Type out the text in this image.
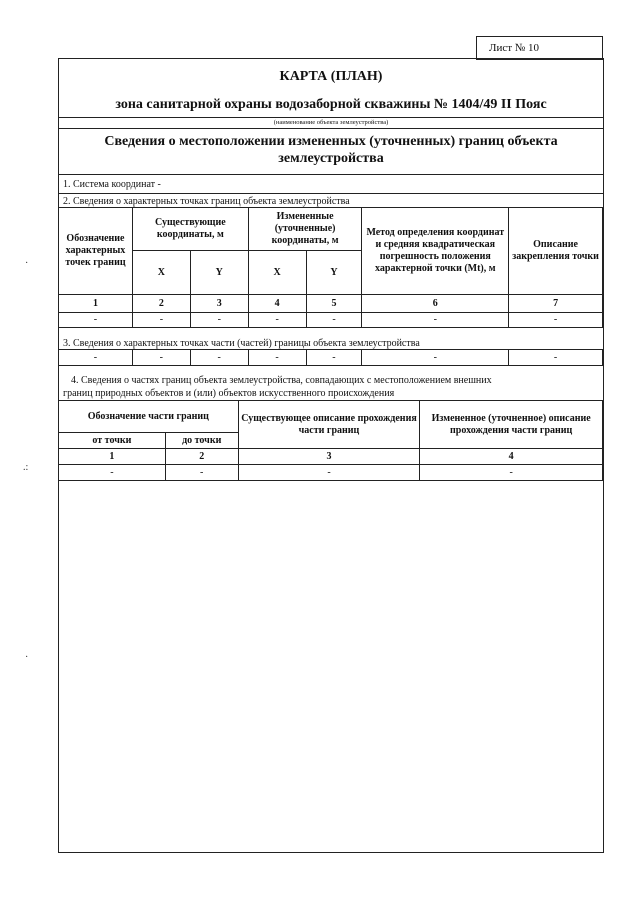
Лист № 10
КАРТА (ПЛАН)
зона санитарной охраны водозаборной скважины № 1404/49 II Пояс
(наименование объекта землеустройства)
Сведения о местоположении измененных (уточненных) границ объекта
землеустройства
1. Система координат -
2. Сведения о характерных точках границ объекта землеустройства
Обозначение характерных точек границ	Существующие координаты, м		Измененные (уточненные) координаты, м		Метод определения координат и средняя квадратическая погрешность положения характерной точки (Mt), м	Описание закрепления точки
	X	Y	X	Y		
1	2	3	4	5	6	7
-	-	-	-	-	-	-
3. Сведения о характерных точках части (частей) границы объекта землеустройства
-	-	-	-	-	-	-
4. Сведения о частях границ объекта землеустройства, совпадающих с местоположением внешних
границ природных объектов и (или) объектов искусственного происхождения
Обозначение части границ		Существующее описание прохождения части границ	Измененное (уточненное) описание прохождения части границ
от точки	до точки		
1	2	3	4
-	-	-	-
·
.:
·
